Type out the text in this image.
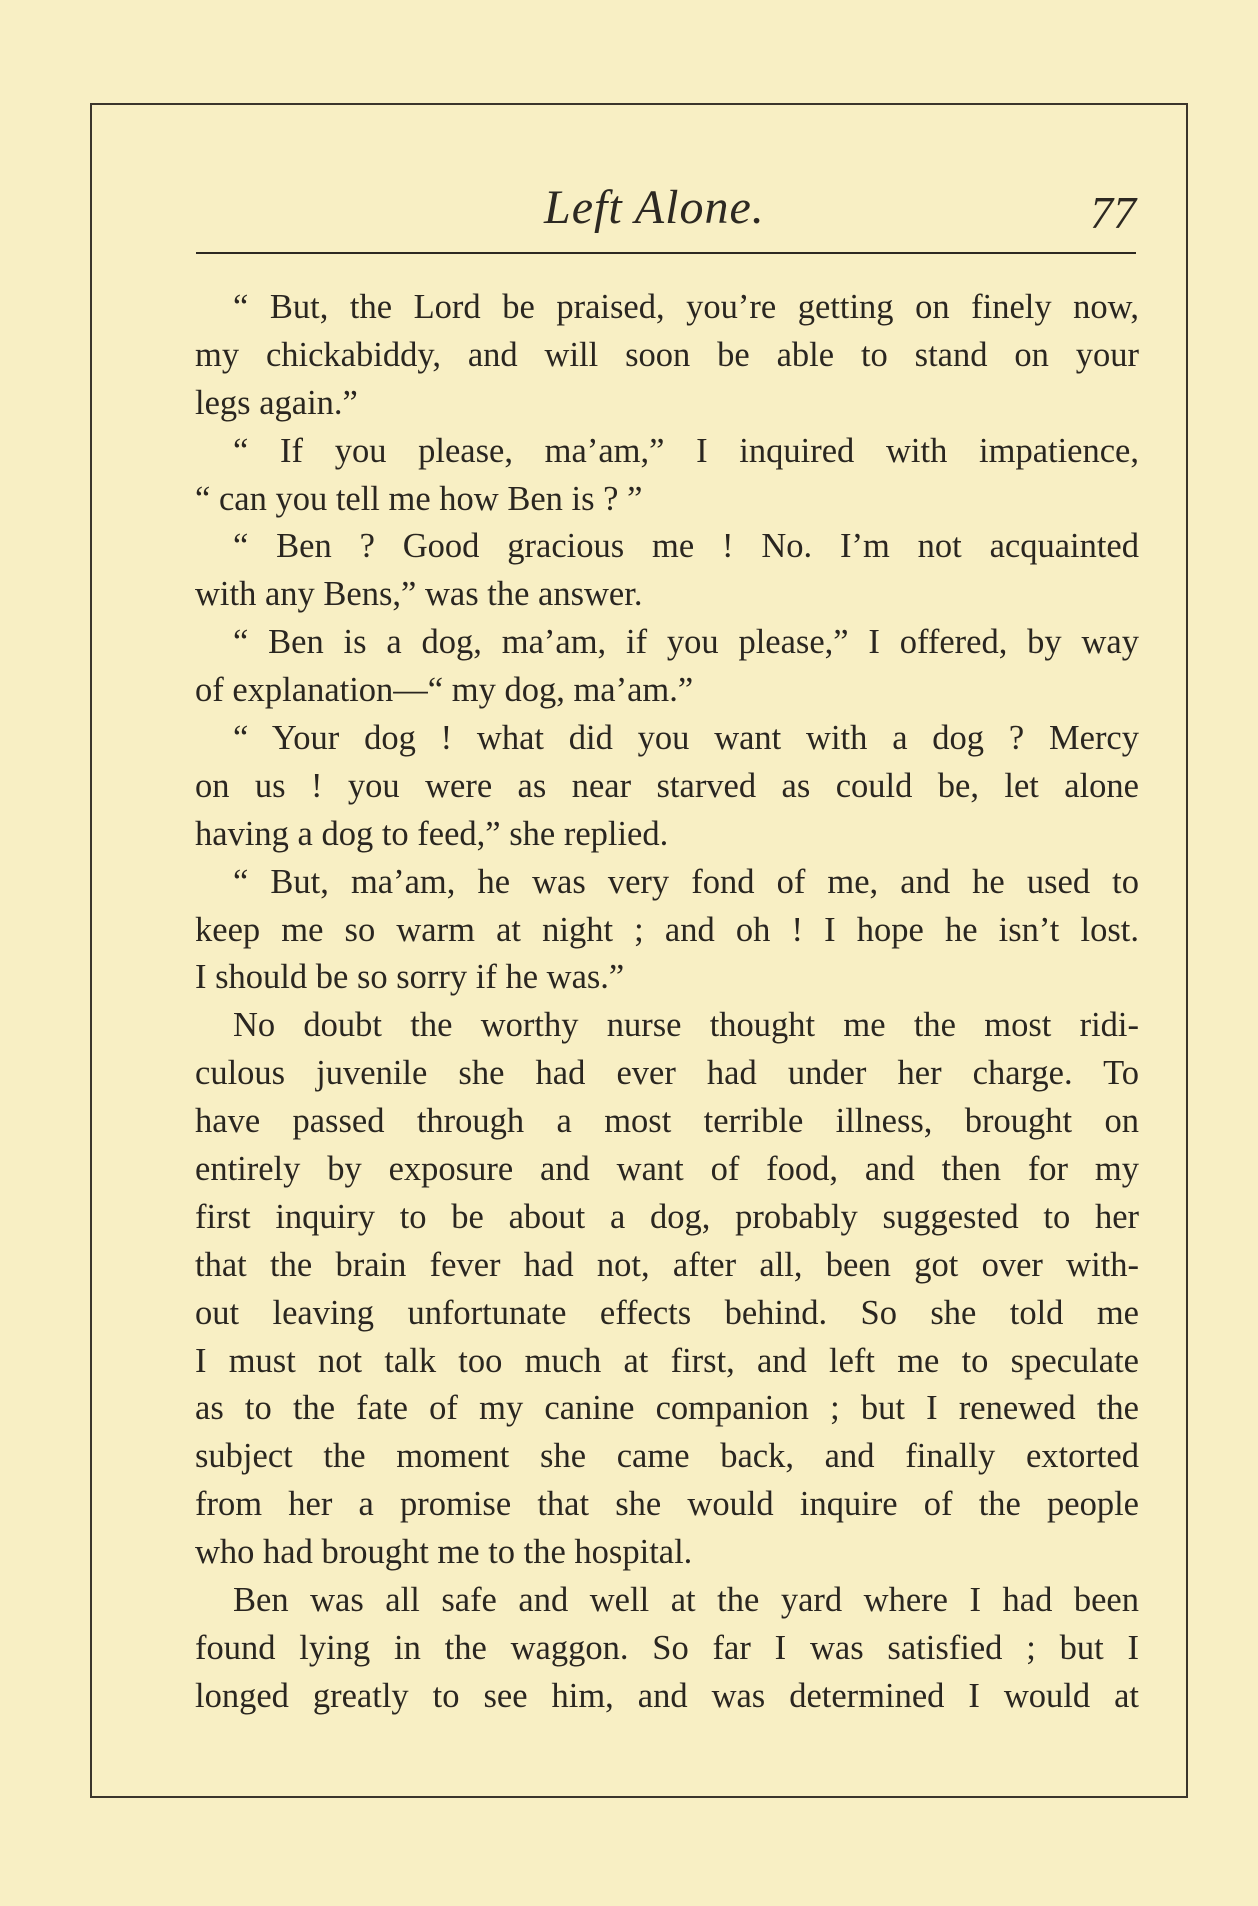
Left Alone.	77
“ But, the Lord be praised, you’re getting on finely now,
my chickabiddy, and will soon be able to stand on your
legs again.”
“ If you please, ma’am,” I inquired with impatience,
“ can you tell me how Ben is ? ”
“ Ben ? Good gracious me ! No. I’m not acquainted
with any Bens,” was the answer.
“ Ben is a dog, ma’am, if you please,” I offered, by way
of explanation—“ my dog, ma’am.”
“ Your dog ! what did you want with a dog ? Mercy
on us ! you were as near starved as could be, let alone
having a dog to feed,” she replied.
“ But, ma’am, he was very fond of me, and he used to
keep me so warm at night ; and oh ! I hope he isn’t lost.
I should be so sorry if he was.”
No doubt the worthy nurse thought me the most ridi-
culous juvenile she had ever had under her charge. To
have passed through a most terrible illness, brought on
entirely by exposure and want of food, and then for my
first inquiry to be about a dog, probably suggested to her
that the brain fever had not, after all, been got over with-
out leaving unfortunate effects behind. So she told me
I must not talk too much at first, and left me to speculate
as to the fate of my canine companion ; but I renewed the
subject the moment she came back, and finally extorted
from her a promise that she would inquire of the people
who had brought me to the hospital.
Ben was all safe and well at the yard where I had been
found lying in the waggon. So far I was satisfied ; but I
longed greatly to see him, and was determined I would at
